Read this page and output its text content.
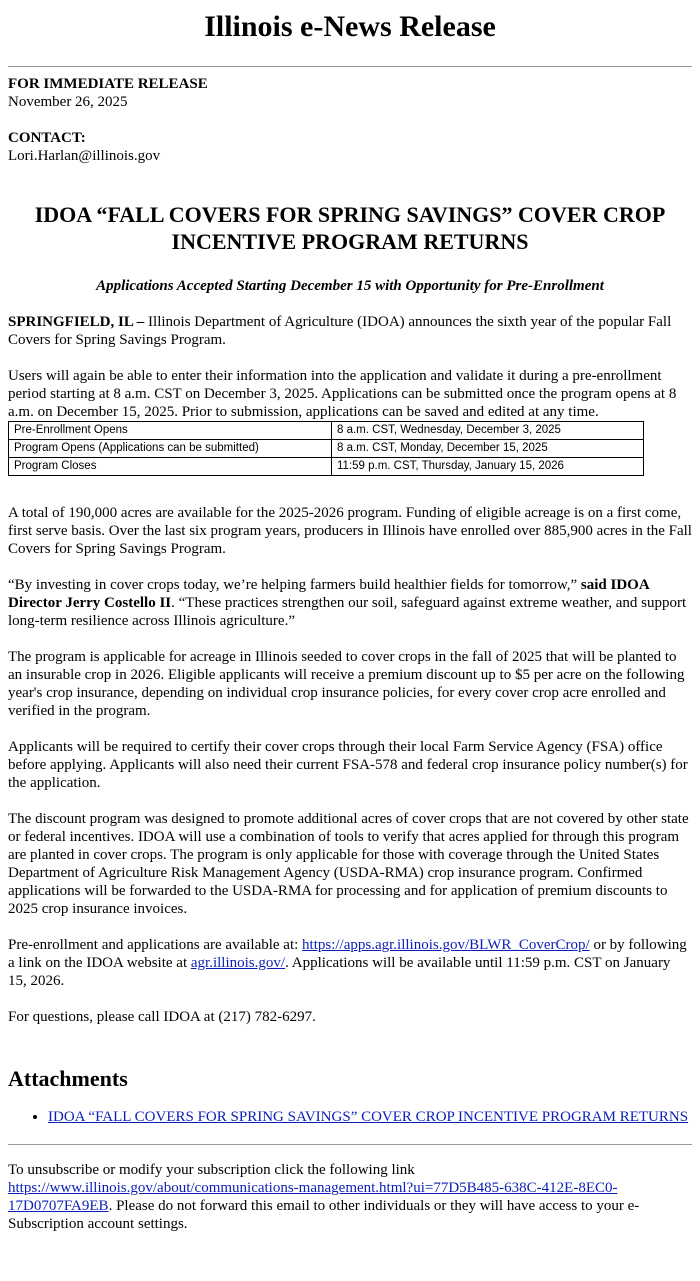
Illinois e-News Release

FOR IMMEDIATE RELEASE
November 26, 2025

CONTACT:
Lori.Harlan@illinois.gov

IDOA “FALL COVERS FOR SPRING SAVINGS” COVER CROP INCENTIVE PROGRAM RETURNS
Applications Accepted Starting December 15 with Opportunity for Pre-Enrollment

SPRINGFIELD, IL – Illinois Department of Agriculture (IDOA) announces the sixth year of the popular Fall Covers for Spring Savings Program.

Users will again be able to enter their information into the application and validate it during a pre-enrollment period starting at 8 a.m. CST on December 3, 2025. Applications can be submitted once the program opens at 8 a.m. on December 15, 2025. Prior to submission, applications can be saved and edited at any time.

Pre-Enrollment Opens	8 a.m. CST, Wednesday, December 3, 2025
Program Opens (Applications can be submitted)	8 a.m. CST, Monday, December 15, 2025
Program Closes	11:59 p.m. CST, Thursday, January 15, 2026

A total of 190,000 acres are available for the 2025-2026 program. Funding of eligible acreage is on a first come, first serve basis. Over the last six program years, producers in Illinois have enrolled over 885,900 acres in the Fall Covers for Spring Savings Program.

“By investing in cover crops today, we’re helping farmers build healthier fields for tomorrow,” said IDOA Director Jerry Costello II. “These practices strengthen our soil, safeguard against extreme weather, and support long-term resilience across Illinois agriculture.”

The program is applicable for acreage in Illinois seeded to cover crops in the fall of 2025 that will be planted to an insurable crop in 2026. Eligible applicants will receive a premium discount up to $5 per acre on the following year's crop insurance, depending on individual crop insurance policies, for every cover crop acre enrolled and verified in the program.

Applicants will be required to certify their cover crops through their local Farm Service Agency (FSA) office before applying. Applicants will also need their current FSA-578 and federal crop insurance policy number(s) for the application.

The discount program was designed to promote additional acres of cover crops that are not covered by other state or federal incentives. IDOA will use a combination of tools to verify that acres applied for through this program are planted in cover crops. The program is only applicable for those with coverage through the United States Department of Agriculture Risk Management Agency (USDA-RMA) crop insurance program. Confirmed applications will be forwarded to the USDA-RMA for processing and for application of premium discounts to 2025 crop insurance invoices.

Pre-enrollment and applications are available at: https://apps.agr.illinois.gov/BLWR_CoverCrop/ or by following a link on the IDOA website at agr.illinois.gov/. Applications will be available until 11:59 p.m. CST on January 15, 2026.

For questions, please call IDOA at (217) 782-6297.

Attachments
• IDOA “FALL COVERS FOR SPRING SAVINGS” COVER CROP INCENTIVE PROGRAM RETURNS

To unsubscribe or modify your subscription click the following link
https://www.illinois.gov/about/communications-management.html?ui=77D5B485-638C-412E-8EC0-17D0707FA9EB. Please do not forward this email to other individuals or they will have access to your e-Subscription account settings.
